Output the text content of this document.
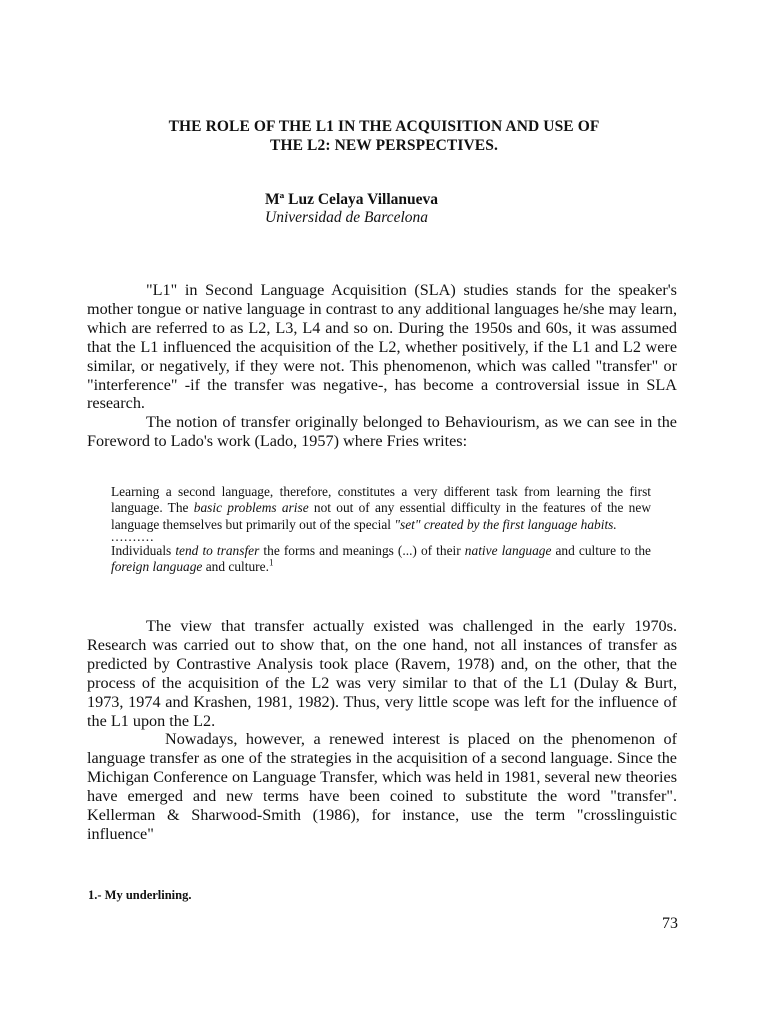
THE ROLE OF THE L1 IN THE ACQUISITION AND USE OF
THE L2: NEW PERSPECTIVES.
Mª Luz Celaya Villanueva
Universidad de Barcelona

"L1" in Second Language Acquisition (SLA) studies stands for the speaker's mother tongue or native language in contrast to any additional languages he/she may learn, which are referred to as L2, L3, L4 and so on. During the 1950s and 60s, it was assumed that the L1 influenced the acquisition of the L2, whether positively, if the L1 and L2 were similar, or negatively, if they were not. This phenomenon, which was called "transfer" or "interference" -if the transfer was negative-, has become a controversial issue in SLA research.

The notion of transfer originally belonged to Behaviourism, as we can see in the Foreword to Lado's work (Lado, 1957) where Fries writes:

Learning a second language, therefore, constitutes a very different task from learning the first language. The basic problems arise not out of any essential difficulty in the features of the new language themselves but primarily out of the special "set" created by the first language habits.

..........

Individuals tend to transfer the forms and meanings (...) of their native language and culture to the foreign language and culture.$^1$

The view that transfer actually existed was challenged in the early 1970s. Research was carried out to show that, on the one hand, not all instances of transfer as predicted by Contrastive Analysis took place (Ravem, 1978) and, on the other, that the process of the acquisition of the L2 was very similar to that of the L1 (Dulay & Burt, 1973, 1974 and Krashen, 1981, 1982). Thus, very little scope was left for the influence of the L1 upon the L2.

Nowadays, however, a renewed interest is placed on the phenomenon of language transfer as one of the strategies in the acquisition of a second language. Since the Michigan Conference on Language Transfer, which was held in 1981, several new theories have emerged and new terms have been coined to substitute the word "transfer". Kellerman & Sharwood-Smith (1986), for instance, use the term "crosslinguistic influence"

1.- My underlining.
73
